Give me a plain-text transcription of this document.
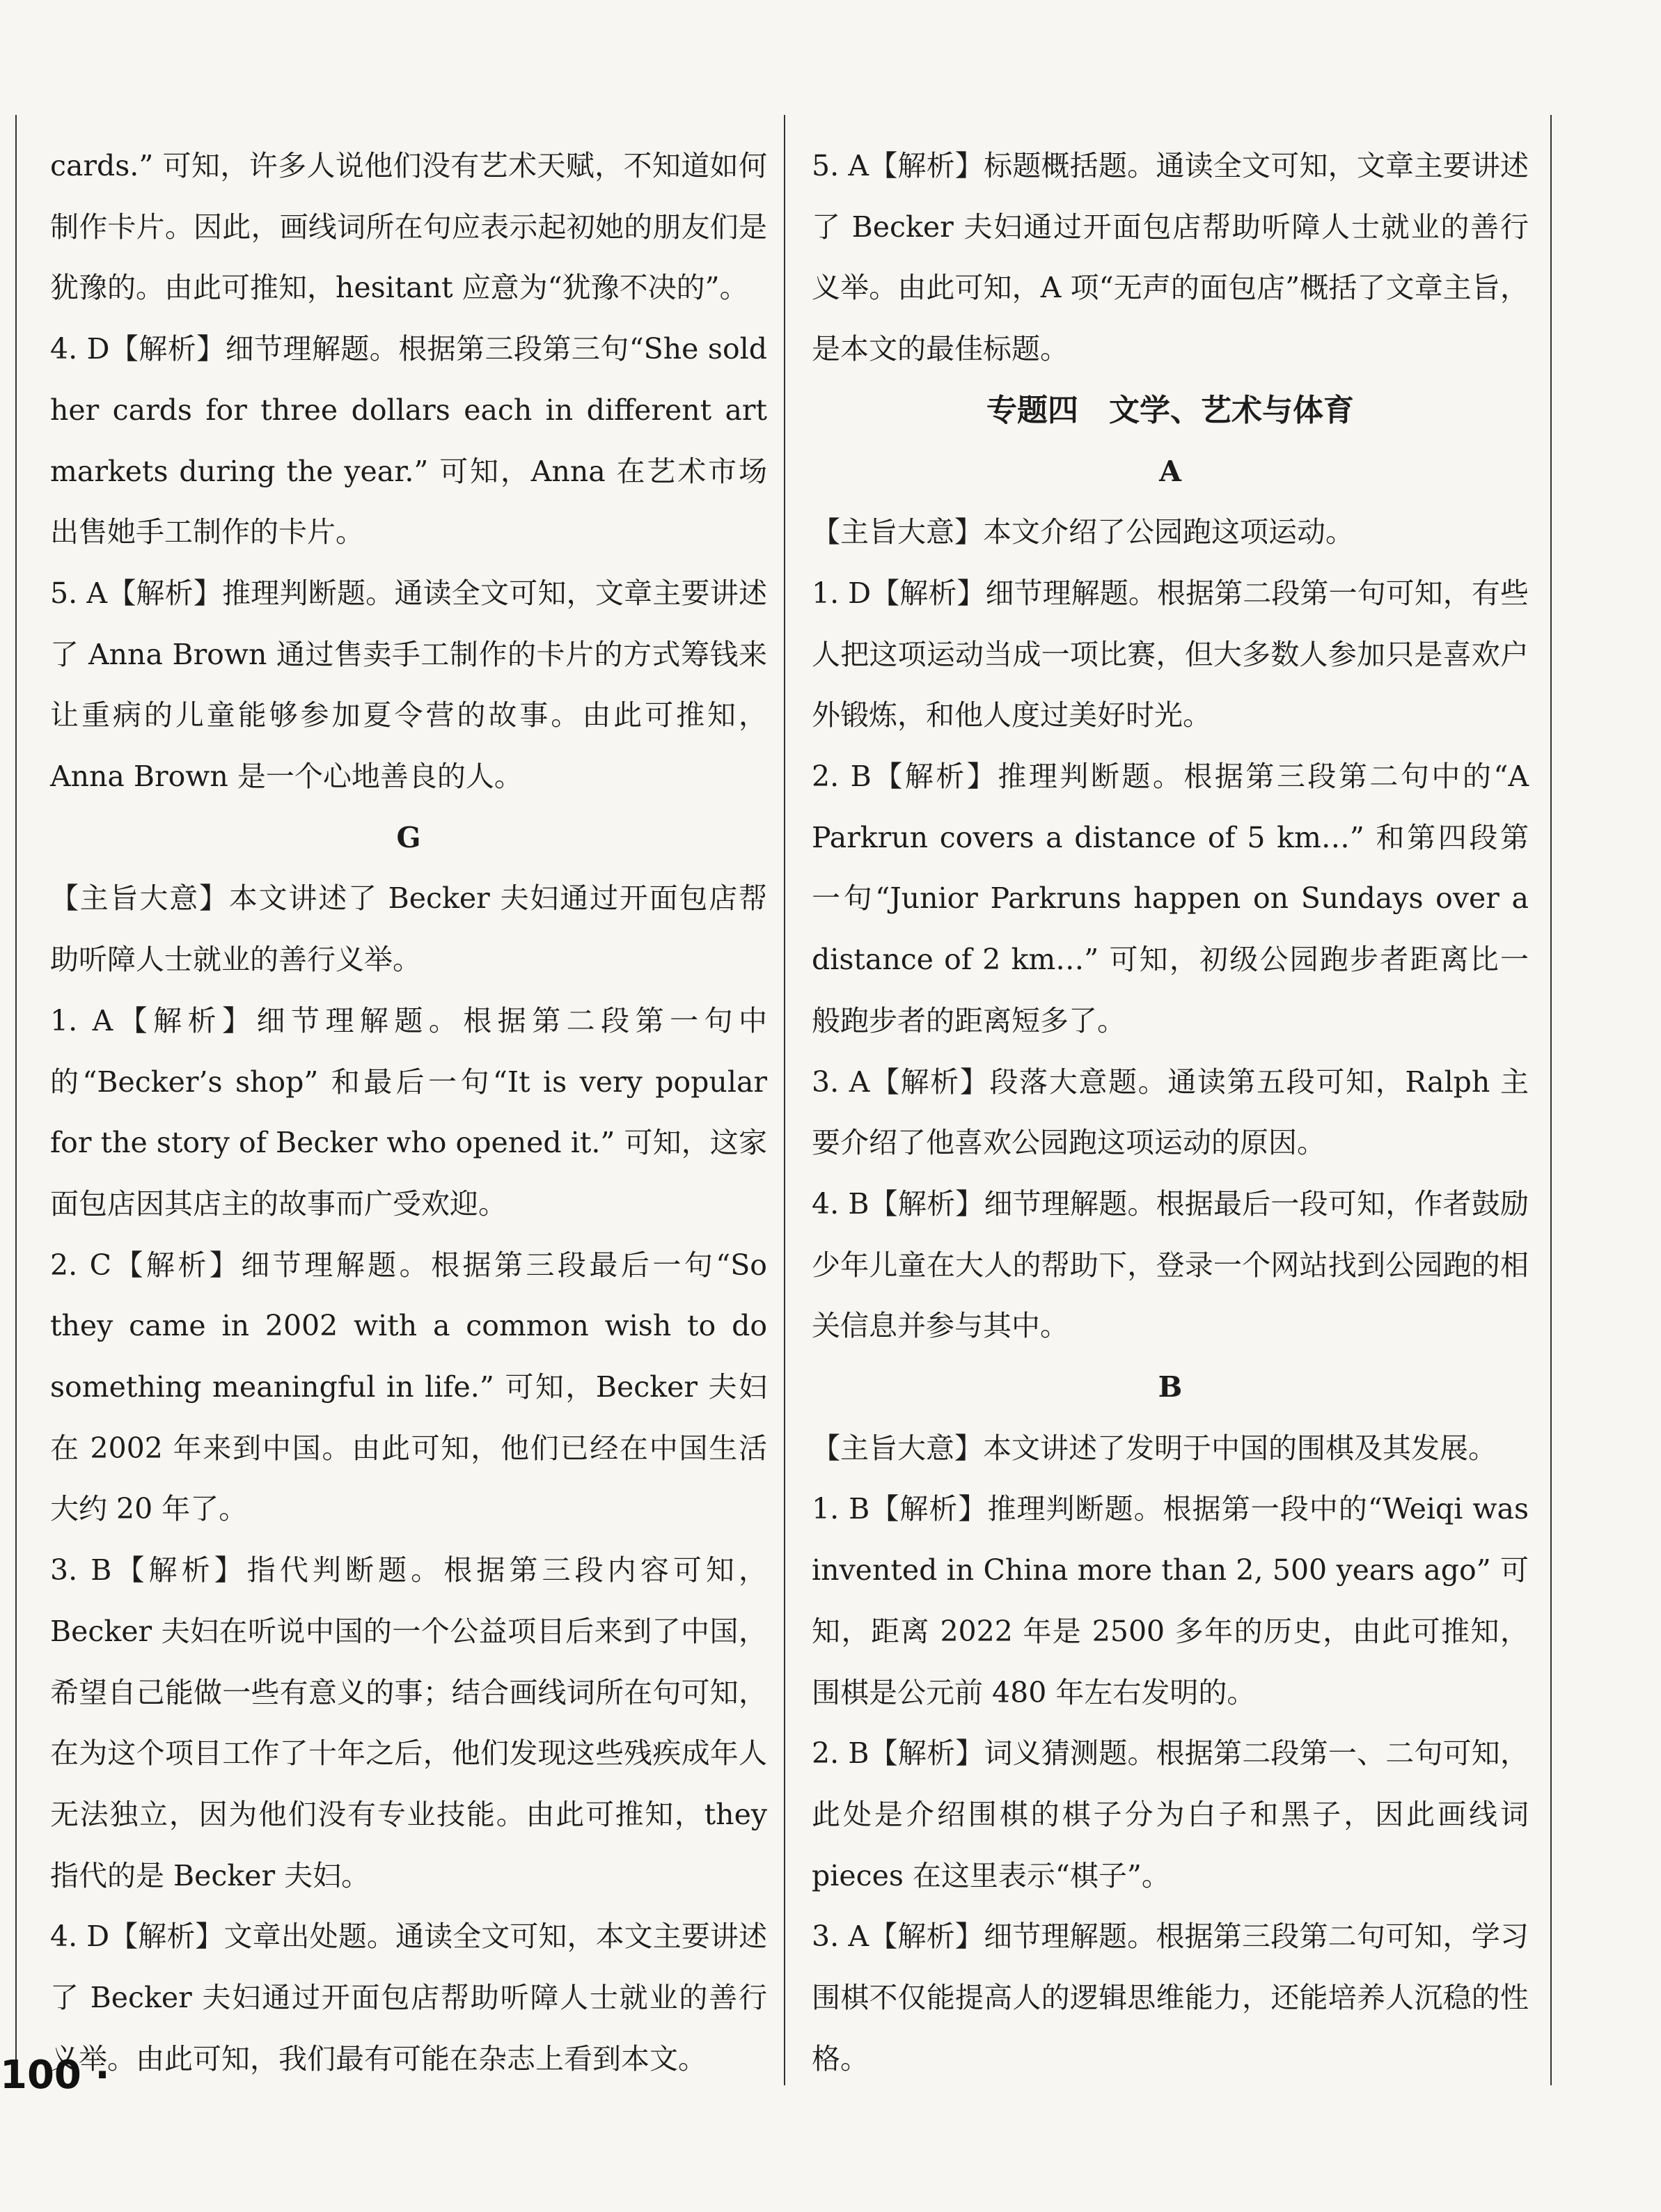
cards.” 可知，许多人说他们没有艺术天赋，不知道如何制作卡片。因此，画线词所在句应表示起初她的朋友们是犹豫的。由此可推知，hesitant 应意为“犹豫不决的”。

4. D【解析】细节理解题。根据第三段第三句“She sold her cards for three dollars each in different art markets during the year.” 可知，Anna 在艺术市场出售她手工制作的卡片。

5. A【解析】推理判断题。通读全文可知，文章主要讲述了 Anna Brown 通过售卖手工制作的卡片的方式筹钱来让重病的儿童能够参加夏令营的故事。由此可推知，Anna Brown 是一个心地善良的人。

G

【主旨大意】本文讲述了 Becker 夫妇通过开面包店帮助听障人士就业的善行义举。

1. A【解析】细节理解题。根据第二段第一句中的“Becker’s shop” 和最后一句“It is very popular for the story of Becker who opened it.” 可知，这家面包店因其店主的故事而广受欢迎。

2. C【解析】细节理解题。根据第三段最后一句“So they came in 2002 with a common wish to do something meaningful in life.” 可知，Becker 夫妇在 2002 年来到中国。由此可知，他们已经在中国生活大约 20 年了。

3. B【解析】指代判断题。根据第三段内容可知，Becker 夫妇在听说中国的一个公益项目后来到了中国，希望自己能做一些有意义的事；结合画线词所在句可知，在为这个项目工作了十年之后，他们发现这些残疾成年人无法独立，因为他们没有专业技能。由此可推知，they 指代的是 Becker 夫妇。

4. D【解析】文章出处题。通读全文可知，本文主要讲述了 Becker 夫妇通过开面包店帮助听障人士就业的善行义举。由此可知，我们最有可能在杂志上看到本文。

5. A【解析】标题概括题。通读全文可知，文章主要讲述了 Becker 夫妇通过开面包店帮助听障人士就业的善行义举。由此可知，A 项“无声的面包店”概括了文章主旨，是本文的最佳标题。

专题四　文学、艺术与体育

A

【主旨大意】本文介绍了公园跑这项运动。

1. D【解析】细节理解题。根据第二段第一句可知，有些人把这项运动当成一项比赛，但大多数人参加只是喜欢户外锻炼，和他人度过美好时光。

2. B【解析】推理判断题。根据第三段第二句中的“A Parkrun covers a distance of 5 km…” 和第四段第一句“Junior Parkruns happen on Sundays over a distance of 2 km…” 可知，初级公园跑步者距离比一般跑步者的距离短多了。

3. A【解析】段落大意题。通读第五段可知，Ralph 主要介绍了他喜欢公园跑这项运动的原因。

4. B【解析】细节理解题。根据最后一段可知，作者鼓励少年儿童在大人的帮助下，登录一个网站找到公园跑的相关信息并参与其中。

B

【主旨大意】本文讲述了发明于中国的围棋及其发展。

1. B【解析】推理判断题。根据第一段中的“Weiqi was invented in China more than 2, 500 years ago” 可知，距离 2022 年是 2500 多年的历史，由此可推知，围棋是公元前 480 年左右发明的。

2. B【解析】词义猜测题。根据第二段第一、二句可知，此处是介绍围棋的棋子分为白子和黑子，因此画线词 pieces 在这里表示“棋子”。

3. A【解析】细节理解题。根据第三段第二句可知，学习围棋不仅能提高人的逻辑思维能力，还能培养人沉稳的性格。

100 ·
